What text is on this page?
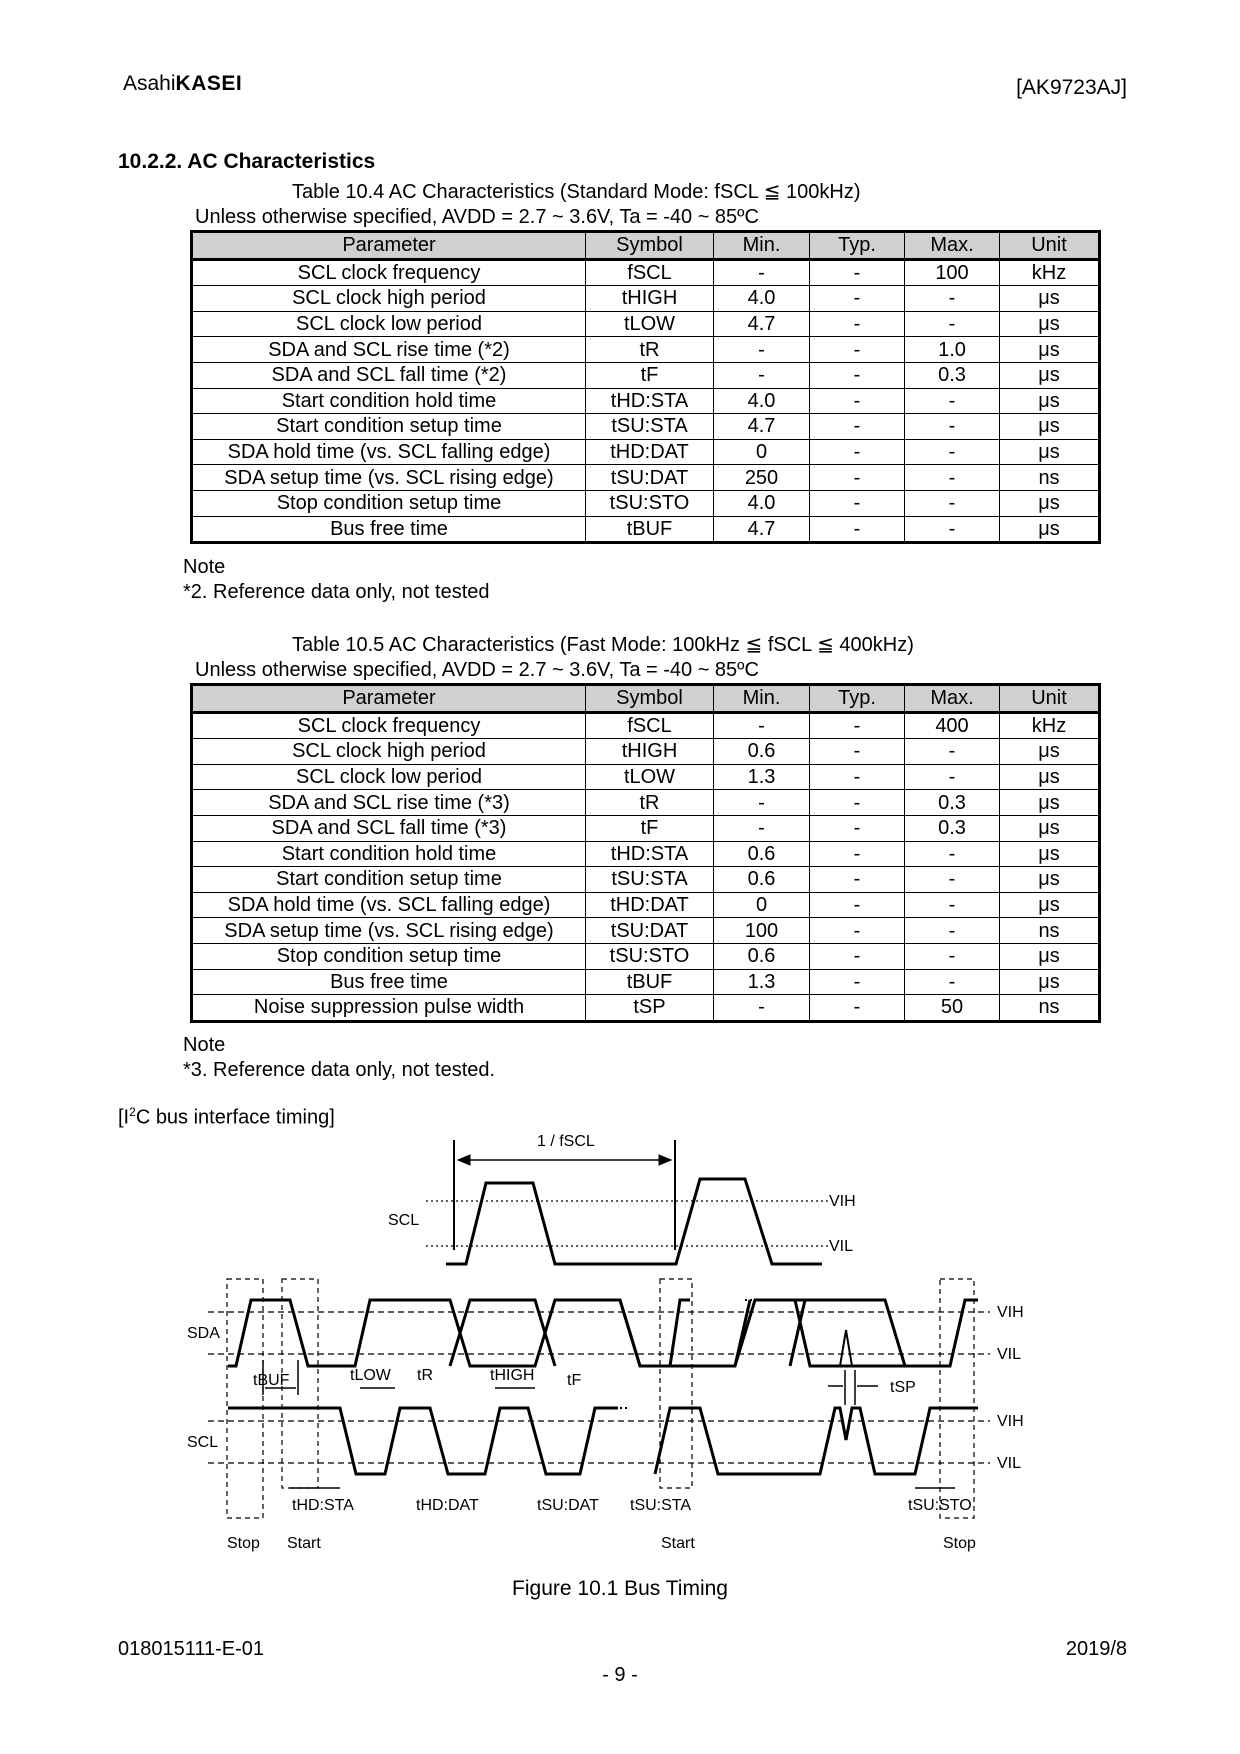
AsahiKASEI	[AK9723AJ]
10.2.2. AC Characteristics
Table 10.4 AC Characteristics (Standard Mode: fSCL ≦ 100kHz)
Unless otherwise specified, AVDD = 2.7 ~ 3.6V, Ta = -40 ~ 85ºC
Parameter	Symbol	Min.	Typ.	Max.	Unit
SCL clock frequency	fSCL	-	-	100	kHz
SCL clock high period	tHIGH	4.0	-	-	μs
SCL clock low period	tLOW	4.7	-	-	μs
SDA and SCL rise time (*2)	tR	-	-	1.0	μs
SDA and SCL fall time (*2)	tF	-	-	0.3	μs
Start condition hold time	tHD:STA	4.0	-	-	μs
Start condition setup time	tSU:STA	4.7	-	-	μs
SDA hold time (vs. SCL falling edge)	tHD:DAT	0	-	-	μs
SDA setup time (vs. SCL rising edge)	tSU:DAT	250	-	-	ns
Stop condition setup time	tSU:STO	4.0	-	-	μs
Bus free time	tBUF	4.7	-	-	μs
Note
*2. Reference data only, not tested
Table 10.5 AC Characteristics (Fast Mode: 100kHz ≦ fSCL ≦ 400kHz)
Unless otherwise specified, AVDD = 2.7 ~ 3.6V, Ta = -40 ~ 85ºC
Parameter	Symbol	Min.	Typ.	Max.	Unit
SCL clock frequency	fSCL	-	-	400	kHz
SCL clock high period	tHIGH	0.6	-	-	μs
SCL clock low period	tLOW	1.3	-	-	μs
SDA and SCL rise time (*3)	tR	-	-	0.3	μs
SDA and SCL fall time (*3)	tF	-	-	0.3	μs
Start condition hold time	tHD:STA	0.6	-	-	μs
Start condition setup time	tSU:STA	0.6	-	-	μs
SDA hold time (vs. SCL falling edge)	tHD:DAT	0	-	-	μs
SDA setup time (vs. SCL rising edge)	tSU:DAT	100	-	-	ns
Stop condition setup time	tSU:STO	0.6	-	-	μs
Bus free time	tBUF	1.3	-	-	μs
Noise suppression pulse width	tSP	-	-	50	ns
Note
*3. Reference data only, not tested.
[$I^2C$ bus interface timing]
1 / fSCL
SCL
VIH
VIL
SDA
SCL
VIH
VIL
VIH
VIL
tBUF	tLOW tR	tHIGH tF	tSP
tHD:STA	tHD:DAT	tSU:DAT tSU:STA	tSU:STO
Stop Start	Start	Stop
Figure 10.1 Bus Timing
018015111-E-01	2019/8
- 9 -
